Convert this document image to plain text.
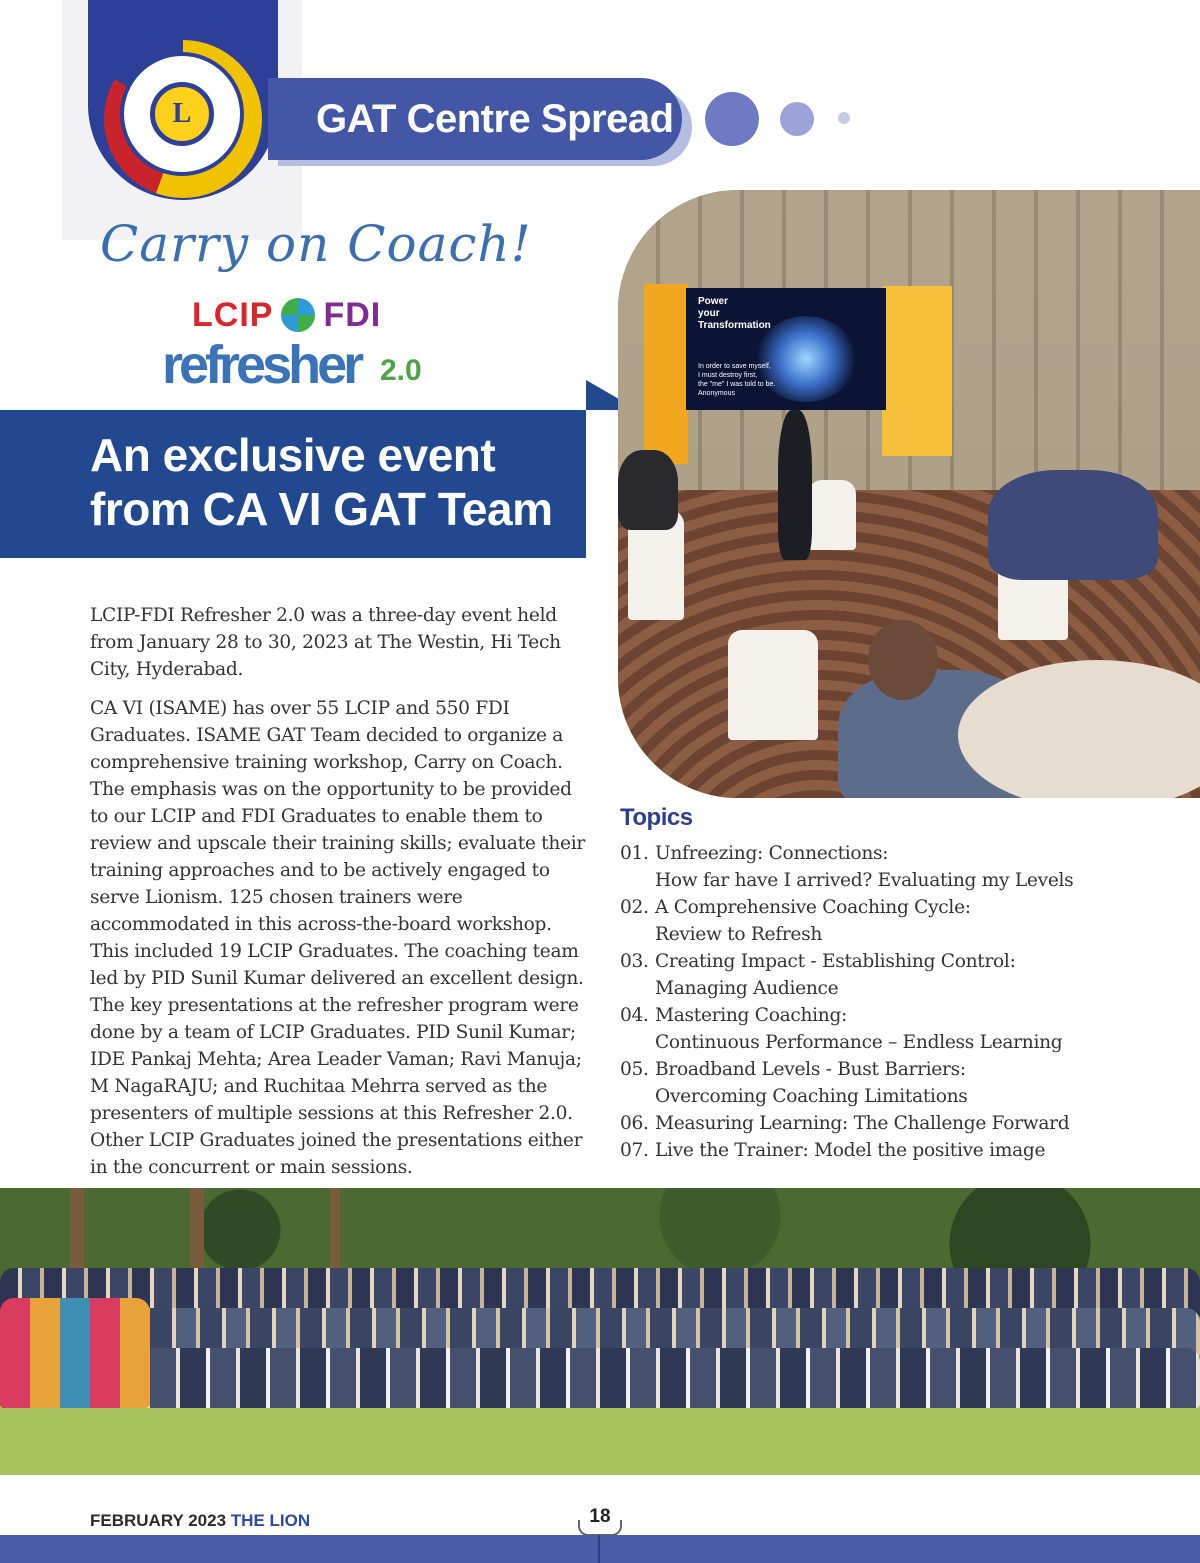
L	GAT Centre Spread
Carry on Coach!
LCIP FDI
refresher 2.0
An exclusive event
from CA VI GAT Team
Power
your
Transformation
In order to save myself,
I must destroy first,
the "me" I was told to be.
Anonymous

LCIP-FDI Refresher 2.0 was a three-day event held from January 28 to 30, 2023 at The Westin, Hi Tech City, Hyderabad.

CA VI (ISAME) has over 55 LCIP and 550 FDI Graduates. ISAME GAT Team decided to organize a comprehensive training workshop, Carry on Coach. The emphasis was on the opportunity to be provided to our LCIP and FDI Graduates to enable them to review and upscale their training skills; evaluate their training approaches and to be actively engaged to serve Lionism. 125 chosen trainers were accommodated in this across-the-board workshop. This included 19 LCIP Graduates. The coaching team led by PID Sunil Kumar delivered an excellent design. The key presentations at the refresher program were done by a team of LCIP Graduates. PID Sunil Kumar; IDE Pankaj Mehta; Area Leader Vaman; Ravi Manuja; M NagaRAJU; and Ruchitaa Mehrra served as the presenters of multiple sessions at this Refresher 2.0. Other LCIP Graduates joined the presentations either in the concurrent or main sessions.

Topics
01. Unfreezing: Connections:
How far have I arrived? Evaluating my Levels
02. A Comprehensive Coaching Cycle:
Review to Refresh
03. Creating Impact - Establishing Control:
Managing Audience
04. Mastering Coaching:
Continuous Performance – Endless Learning
05. Broadband Levels - Bust Barriers:
Overcoming Coaching Limitations
06. Measuring Learning: The Challenge Forward
07. Live the Trainer: Model the positive image
FEBRUARY 2023 THE LION	18
